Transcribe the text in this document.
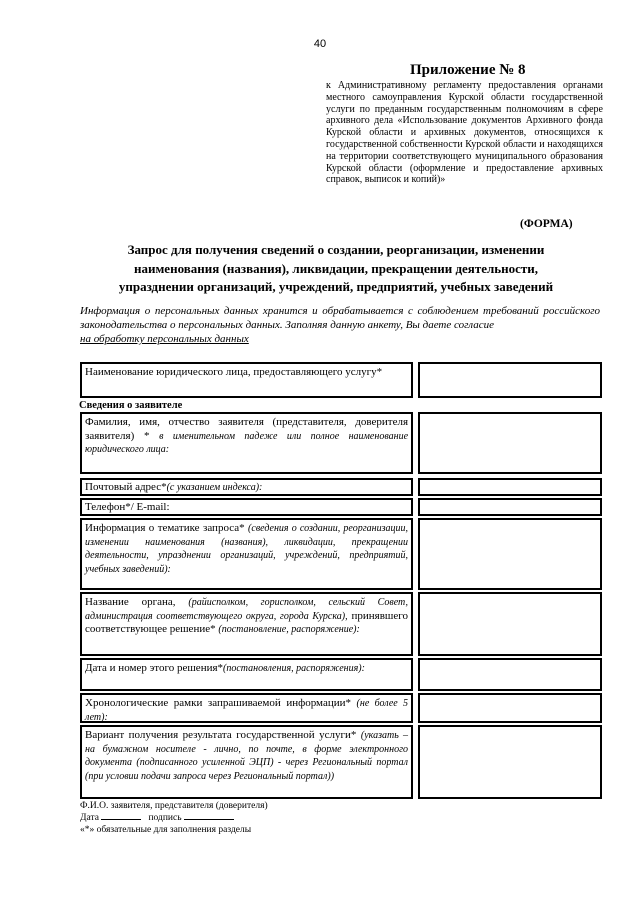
40
Приложение № 8
к Административному регламенту предоставления органами местного самоуправления Курской области государственной услуги по преданным государственным полномочиям в сфере архивного дела «Использование документов Архивного фонда Курской области и архивных документов, относящихся к государственной собственности Курской области и находящихся на территории соответствующего муниципального образования Курской области (оформление и предоставление архивных справок, выписок и копий)»
(ФОРМА)
Запрос для получения сведений о создании, реорганизации, изменении
наименования (названия), ликвидации, прекращении деятельности,
упразднении организаций, учреждений, предприятий, учебных заведений
Информация о персональных данных хранится и обрабатывается с соблюдением требований российского законодательства о персональных данных. Заполняя данную анкету, Вы даете согласие
на обработку персональных данных
Наименование юридического лица, предоставляющего услугу*
Сведения о заявителе
Фамилия, имя, отчество заявителя (представителя, доверителя заявителя) * в именительном падеже или полное наименование юридического лица:
Почтовый адрес*(с указанием индекса):
Телефон*/ E-mail:
Информация о тематике запроса* (сведения о создании, реорганизации, изменении наименования (названия), ликвидации, прекращении деятельности, упразднении организаций, учреждений, предприятий, учебных заведений):
Название органа, (райисполком, горисполком, сельский Совет, администрация соответствующего округа, города Курска), принявшего соответствующее решение* (постановление, распоряжение):
Дата и номер этого решения*(постановления, распоряжения):
Хронологические рамки запрашиваемой информации* (не более 5 лет):
Вариант получения результата государственной услуги* (указать – на бумажном носителе - лично, по почте, в форме электронного документа (подписанного усиленной ЭЦП) - через Региональный портал (при условии подачи запроса через Региональный портал))
Ф.И.О. заявителя, представителя (доверителя)
Дата	подпись
«*» обязательные для заполнения разделы
